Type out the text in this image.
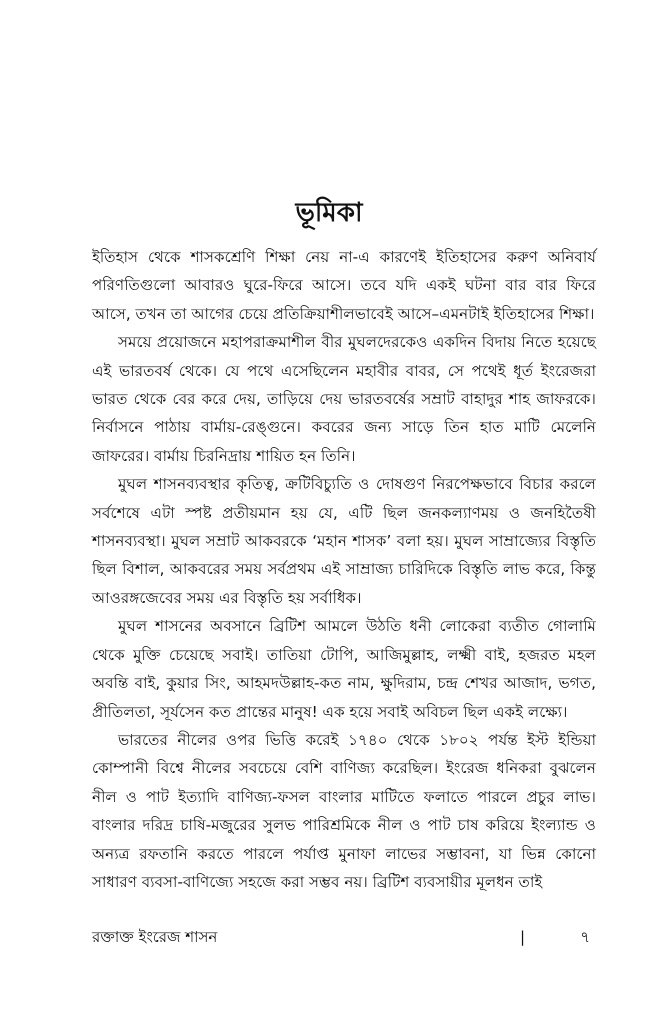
ভূমিকা

ইতিহাস থেকে শাসকশ্রেণি শিক্ষা নেয় না-এ কারণেই ইতিহাসের করুণ অনিবার্য পরিণতিগুলো আবারও ঘুরে-ফিরে আসে। তবে যদি একই ঘটনা বার বার ফিরে আসে, তখন তা আগের চেয়ে প্রতিক্রিয়াশীলভাবেই আসে–এমনটাই ইতিহাসের শিক্ষা।

সময়ে প্রয়োজনে মহাপরাক্রমাশীল বীর মুঘলদেরকেও একদিন বিদায় নিতে হয়েছে এই ভারতবর্ষ থেকে। যে পথে এসেছিলেন মহাবীর বাবর, সে পথেই ধূর্ত ইংরেজরা ভারত থেকে বের করে দেয়, তাড়িয়ে দেয় ভারতবর্ষের সম্রাট বাহাদুর শাহ জাফরকে। নির্বাসনে পাঠায় বার্মায়-রেঙ্গুনে। কবরের জন্য সাড়ে তিন হাত মাটি মেলেনি জাফরের। বার্মায় চিরনিদ্রায় শায়িত হন তিনি।

মুঘল শাসনব্যবস্থার কৃতিত্ব, ক্রটিবিচ্যুতি ও দোষগুণ নিরপেক্ষভাবে বিচার করলে সর্বশেষে এটা স্পষ্ট প্রতীয়মান হয় যে, এটি ছিল জনকল্যাণময় ও জনহিতৈষী শাসনব্যবস্থা। মুঘল সম্রাট আকবরকে ‘মহান শাসক’ বলা হয়। মুঘল সাম্রাজ্যের বিস্তৃতি ছিল বিশাল, আকবরের সময় সর্বপ্রথম এই সাম্রাজ্য চারিদিকে বিস্তৃতি লাভ করে, কিন্তু আওরঙ্গজেবের সময় এর বিস্তৃতি হয় সর্বাধিক।

মুঘল শাসনের অবসানে ব্রিটিশ আমলে উঠতি ধনী লোকেরা ব্যতীত গোলামি থেকে মুক্তি চেয়েছে সবাই। তাতিয়া টোপি, আজিমুল্লাহ, লক্ষ্মী বাই, হজরত মহল অবন্তি বাই, কুয়ার সিং, আহমদউল্লাহ-কত নাম, ক্ষুদিরাম, চন্দ্র শেখর আজাদ, ভগত, প্রীতিলতা, সূর্যসেন কত প্রান্তের মানুষ! এক হয়ে সবাই অবিচল ছিল একই লক্ষ্যে।

ভারতের নীলের ওপর ভিত্তি করেই ১৭৪০ থেকে ১৮০২ পর্যন্ত ইস্ট ইন্ডিয়া কোম্পানী বিশ্বে নীলের সবচেয়ে বেশি বাণিজ্য করেছিল। ইংরেজ ধনিকরা বুঝলেন নীল ও পাট ইত্যাদি বাণিজ্য-ফসল বাংলার মাটিতে ফলাতে পারলে প্রচুর লাভ। বাংলার দরিদ্র চাষি-মজুরের সুলভ পারিশ্রমিকে নীল ও পাট চাষ করিয়ে ইংল্যান্ড ও অন্যত্র রফতানি করতে পারলে পর্যাপ্ত মুনাফা লাভের সম্ভাবনা, যা ভিন্ন কোনো সাধারণ ব্যবসা-বাণিজ্যে সহজে করা সম্ভব নয়। ব্রিটিশ ব্যবসায়ীর মূলধন তাই

রক্তাক্ত ইংরেজ শাসন	|	৭
